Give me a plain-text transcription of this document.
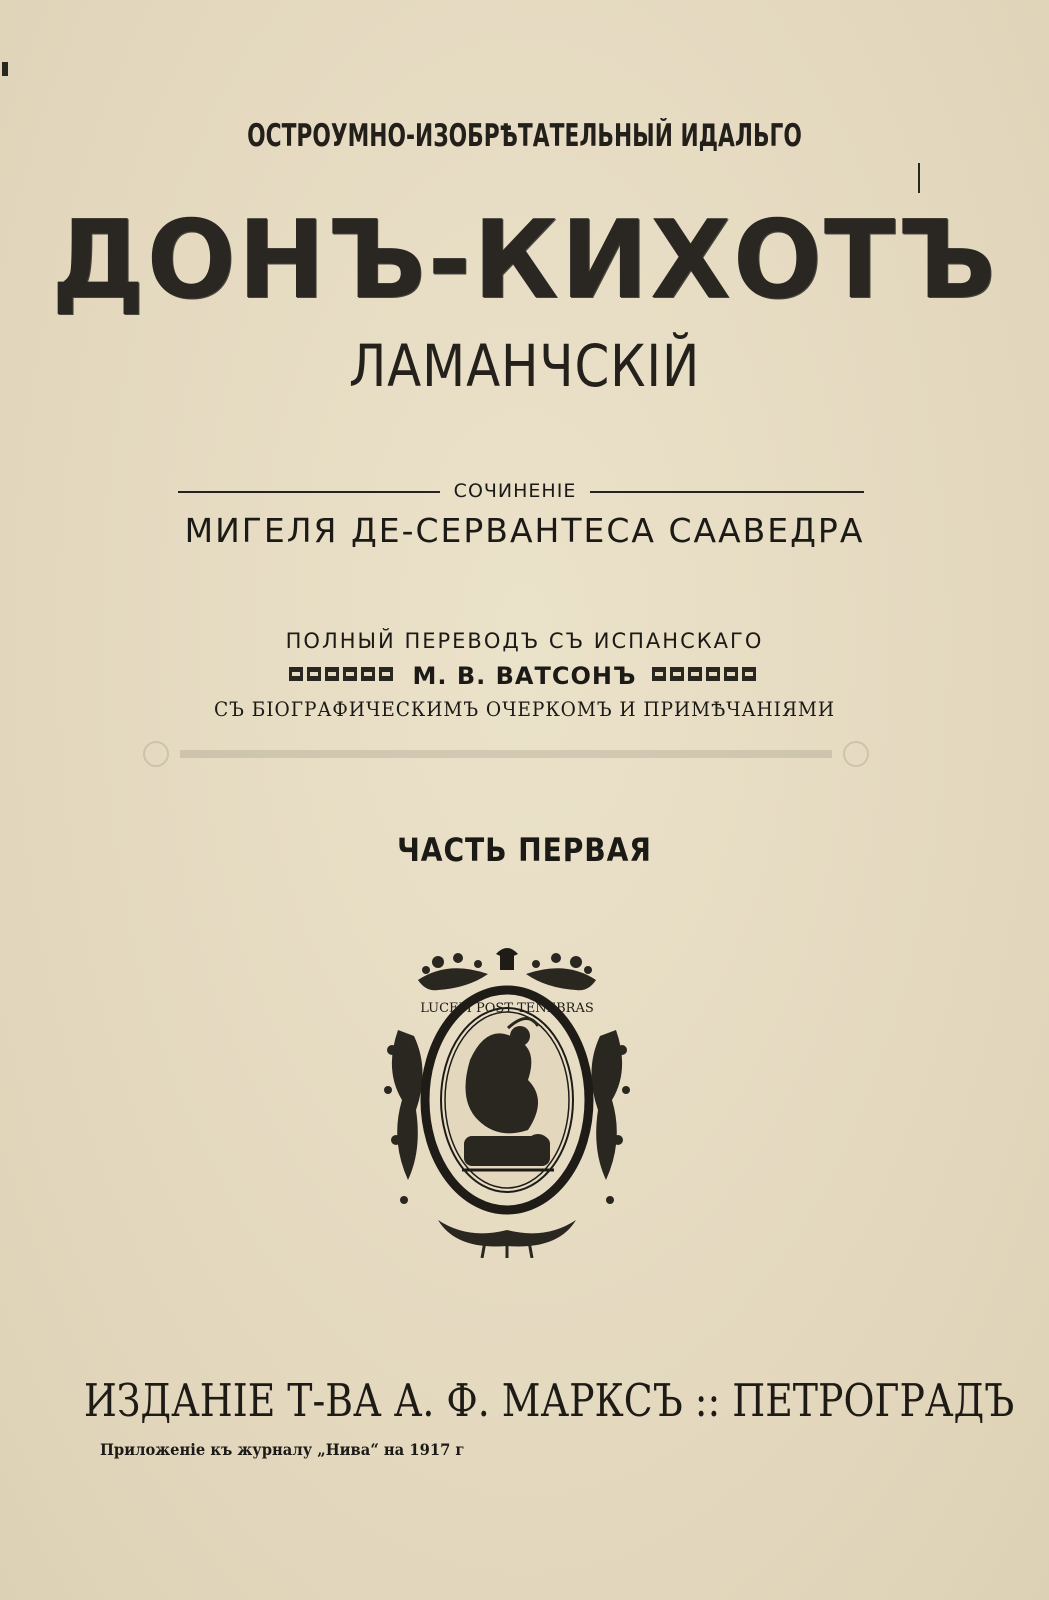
ОСТРОУМНО-ИЗОБРѢТАТЕЛЬНЫЙ ИДАЛЬГО
ДОНЪ-КИХОТЪ
ЛАМАНЧСКІЙ
СОЧИНЕНІЕ
МИГЕЛЯ ДЕ-СЕРВАНТЕСА СААВЕДРА
ПОЛНЫЙ ПЕРЕВОДЪ СЪ ИСПАНСКАГО
М. В. ВАТСОНЪ
СЪ БІОГРАФИЧЕСКИМЪ ОЧЕРКОМЪ И ПРИМѢЧАНІЯМИ
ЧАСТЬ ПЕРВАЯ
LUCEM POST TENEBRAS
ИЗДАНІЕ Т-ВА А. Ф. МАРКСЪ :: ПЕТРОГРАДЪ
Приложеніе къ журналу „Нива“ на 1917 г
